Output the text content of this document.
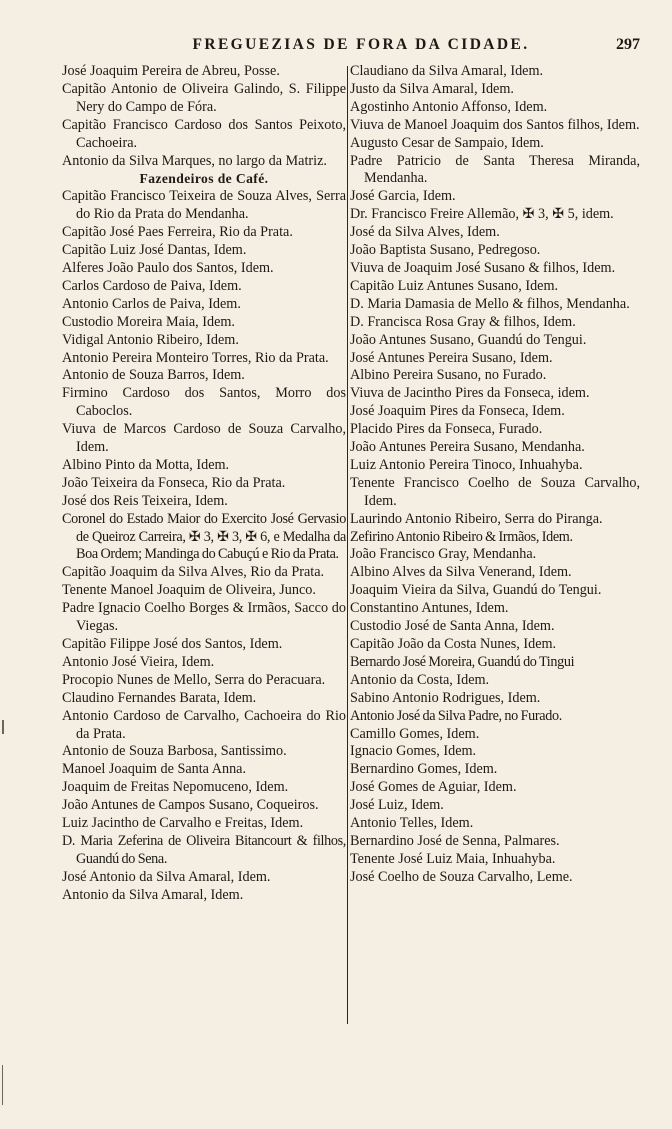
FREGUEZIAS DE FORA DA CIDADE.	297

José Joaquim Pereira de Abreu, Posse.

Capitão Antonio de Oliveira Galindo, S. Filippe Nery do Campo de Fóra.

Capitão Francisco Cardoso dos Santos Peixoto, Cachoeira.

Antonio da Silva Marques, no largo da Matriz.

Fazendeiros de Café.

Capitão Francisco Teixeira de Souza Alves, Serra do Rio da Prata do Mendanha.

Capitão José Paes Ferreira, Rio da Prata.

Capitão Luiz José Dantas, Idem.

Alferes João Paulo dos Santos, Idem.

Carlos Cardoso de Paiva, Idem.

Antonio Carlos de Paiva, Idem.

Custodio Moreira Maia, Idem.

Vidigal Antonio Ribeiro, Idem.

Antonio Pereira Monteiro Torres, Rio da Prata.

Antonio de Souza Barros, Idem.

Firmino Cardoso dos Santos, Morro dos Caboclos.

Viuva de Marcos Cardoso de Souza Carvalho, Idem.

Albino Pinto da Motta, Idem.

João Teixeira da Fonseca, Rio da Prata.

José dos Reis Teixeira, Idem.

Coronel do Estado Maior do Exercito José Gervasio de Queiroz Carreira, ✠ 3, ✠ 3, ✠ 6, e Medalha da Boa Ordem; Mandinga do Cabuçú e Rio da Prata.

Capitão Joaquim da Silva Alves, Rio da Prata.

Tenente Manoel Joaquim de Oliveira, Junco.

Padre Ignacio Coelho Borges & Irmãos, Sacco do Viegas.

Capitão Filippe José dos Santos, Idem.

Antonio José Vieira, Idem.

Procopio Nunes de Mello, Serra do Peracuara.

Claudino Fernandes Barata, Idem.

Antonio Cardoso de Carvalho, Cachoeira do Rio da Prata.

Antonio de Souza Barbosa, Santissimo.

Manoel Joaquim de Santa Anna.

Joaquim de Freitas Nepomuceno, Idem.

João Antunes de Campos Susano, Coqueiros.

Luiz Jacintho de Carvalho e Freitas, Idem.

D. Maria Zeferina de Oliveira Bitancourt & filhos, Guandú do Sena.

José Antonio da Silva Amaral, Idem.

Antonio da Silva Amaral, Idem.

Claudiano da Silva Amaral, Idem.

Justo da Silva Amaral, Idem.

Agostinho Antonio Affonso, Idem.

Viuva de Manoel Joaquim dos Santos filhos, Idem.

Augusto Cesar de Sampaio, Idem.

Padre Patricio de Santa Theresa Miranda, Mendanha.

José Garcia, Idem.

Dr. Francisco Freire Allemão, ✠ 3, ✠ 5, idem.

José da Silva Alves, Idem.

João Baptista Susano, Pedregoso.

Viuva de Joaquim José Susano & filhos, Idem.

Capitão Luiz Antunes Susano, Idem.

D. Maria Damasia de Mello & filhos, Mendanha.

D. Francisca Rosa Gray & filhos, Idem.

João Antunes Susano, Guandú do Tengui.

José Antunes Pereira Susano, Idem.

Albino Pereira Susano, no Furado.

Viuva de Jacintho Pires da Fonseca, idem.

José Joaquim Pires da Fonseca, Idem.

Placido Pires da Fonseca, Furado.

João Antunes Pereira Susano, Mendanha.

Luiz Antonio Pereira Tinoco, Inhuahyba.

Tenente Francisco Coelho de Souza Carvalho, Idem.

Laurindo Antonio Ribeiro, Serra do Piranga.

Zefirino Antonio Ribeiro & Irmãos, Idem.

João Francisco Gray, Mendanha.

Albino Alves da Silva Venerand, Idem.

Joaquim Vieira da Silva, Guandú do Tengui.

Constantino Antunes, Idem.

Custodio José de Santa Anna, Idem.

Capitão João da Costa Nunes, Idem.

Bernardo José Moreira, Guandú do Tingui

Antonio da Costa, Idem.

Sabino Antonio Rodrigues, Idem.

Antonio José da Silva Padre, no Furado.

Camillo Gomes, Idem.

Ignacio Gomes, Idem.

Bernardino Gomes, Idem.

José Gomes de Aguiar, Idem.

José Luiz, Idem.

Antonio Telles, Idem.

Bernardino José de Senna, Palmares.

Tenente José Luiz Maia, Inhuahyba.

José Coelho de Souza Carvalho, Leme.
